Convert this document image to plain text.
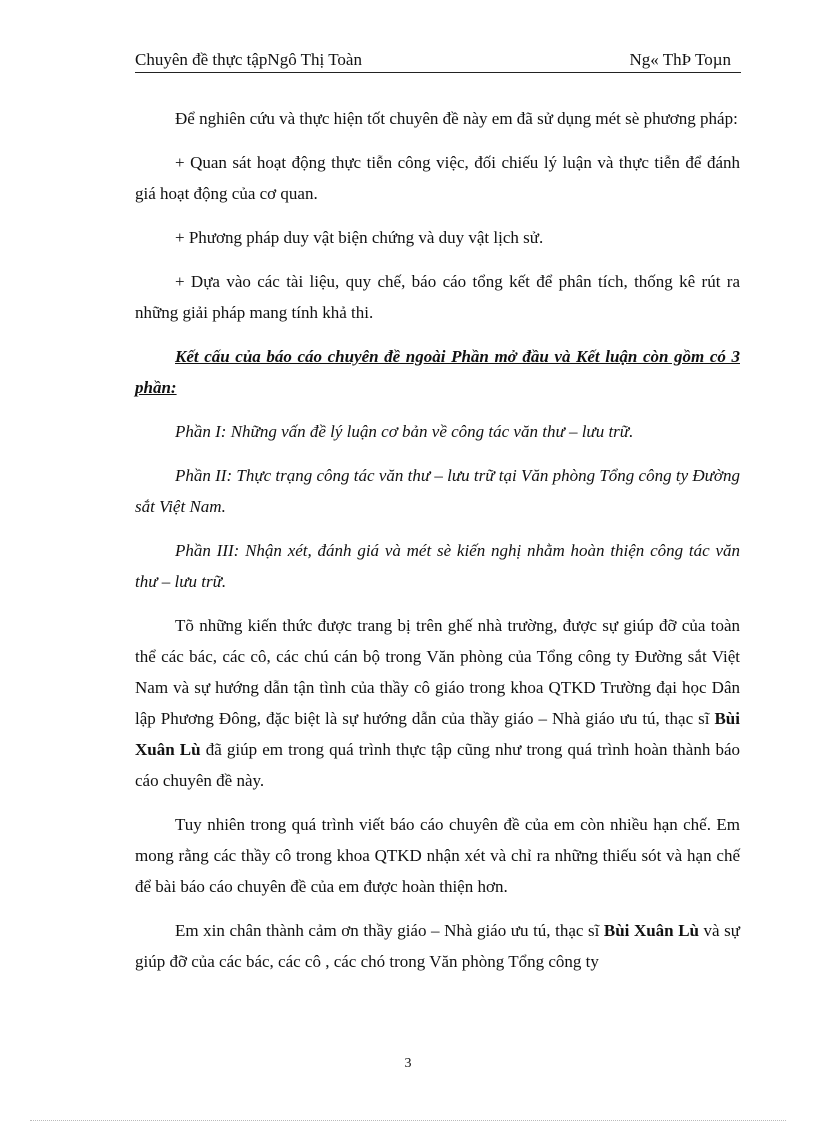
Chuyên đề thực tậpNgô Thị Toàn	Ng« ThÞ Toµn

Để nghiên cứu và thực hiện tốt chuyên đề này em đã sử dụng mét sè phương pháp:

+ Quan sát hoạt động thực tiễn công việc, đối chiếu lý luận và thực tiễn để đánh giá hoạt động của cơ quan.

+ Phương pháp duy vật biện chứng và duy vật lịch sử.

+ Dựa vào các tài liệu, quy chế, báo cáo tổng kết để phân tích, thống kê rút ra những giải pháp mang tính khả thi.

Kết cấu của báo cáo chuyên đề ngoài Phần mở đầu và Kết luận còn gồm có 3 phần:

Phần I: Những vấn đề lý luận cơ bản về công tác văn thư – lưu trữ.

Phần II: Thực trạng công tác văn thư – lưu trữ tại Văn phòng Tổng công ty Đường sắt Việt Nam.

Phần III: Nhận xét, đánh giá và mét sè kiến nghị nhằm hoàn thiện công tác văn thư – lưu trữ.

Tõ những kiến thức được trang bị trên ghế nhà trường, được sự giúp đỡ của toàn thể các bác, các cô, các chú cán bộ trong Văn phòng của Tổng công ty Đường sắt Việt Nam và sự hướng dẫn tận tình của thầy cô giáo trong khoa QTKD Trường đại học Dân lập Phương Đông, đặc biệt là sự hướng dẫn của thầy giáo – Nhà giáo ưu tú, thạc sĩ Bùi Xuân Lù đã giúp em trong quá trình thực tập cũng như trong quá trình hoàn thành báo cáo chuyên đề này.

Tuy nhiên trong quá trình viết báo cáo chuyên đề của em còn nhiều hạn chế. Em mong rằng các thầy cô trong khoa QTKD nhận xét và chỉ ra những thiếu sót và hạn chế để bài báo cáo chuyên đề của em được hoàn thiện hơn.

Em xin chân thành cảm ơn thầy giáo – Nhà giáo ưu tú, thạc sĩ Bùi Xuân Lù và sự giúp đỡ của các bác, các cô , các chó trong Văn phòng Tổng công ty

3
